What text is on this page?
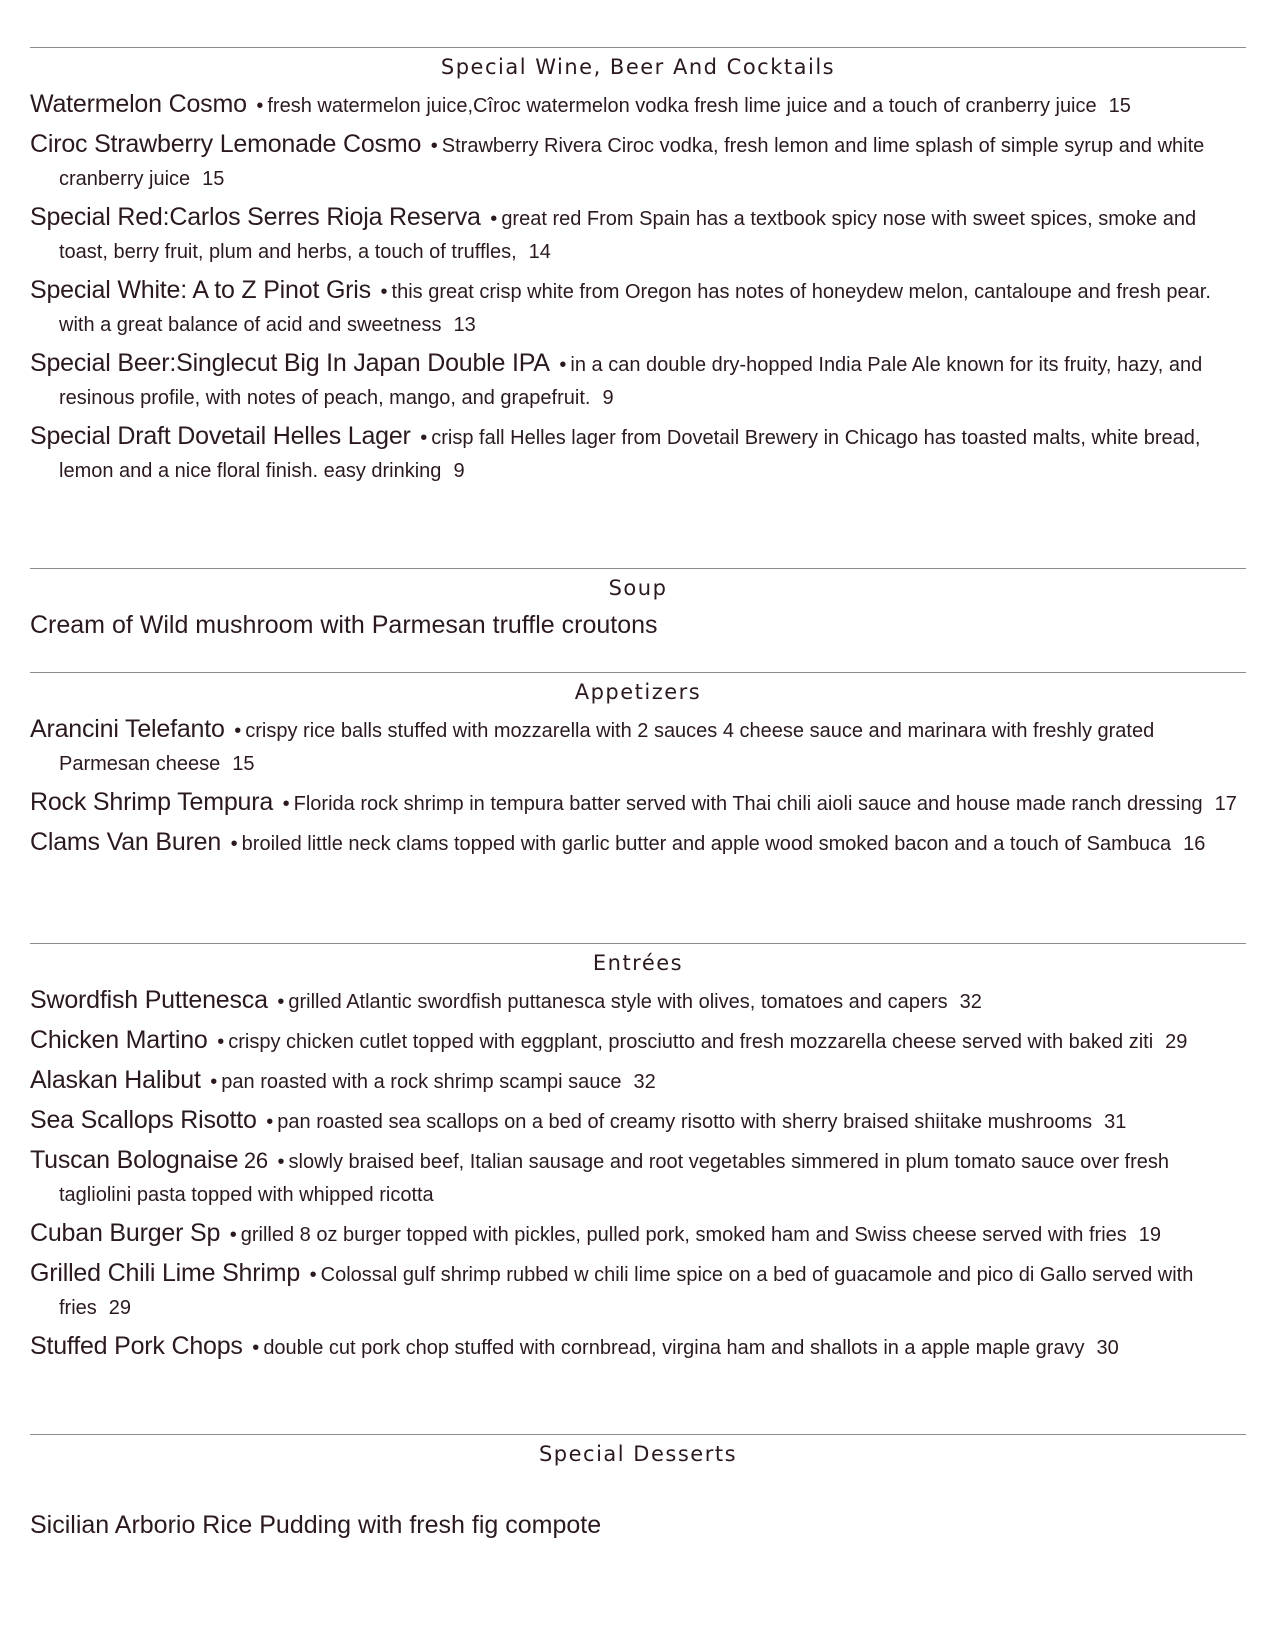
Special Wine, Beer And Cocktails
Watermelon Cosmo • fresh watermelon juice,Cîroc watermelon vodka fresh lime juice and a touch of cranberry juice 15
Ciroc Strawberry Lemonade Cosmo • Strawberry Rivera Ciroc vodka, fresh lemon and lime splash of simple syrup and white cranberry juice 15
Special Red:Carlos Serres Rioja Reserva • great red From Spain has a textbook spicy nose with sweet spices, smoke and toast, berry fruit, plum and herbs, a touch of truffles, 14
Special White: A to Z Pinot Gris • this great crisp white from Oregon has notes of honeydew melon, cantaloupe and fresh pear. with a great balance of acid and sweetness 13
Special Beer:Singlecut Big In Japan Double IPA • in a can double dry-hopped India Pale Ale known for its fruity, hazy, and resinous profile, with notes of peach, mango, and grapefruit. 9
Special Draft Dovetail Helles Lager • crisp fall Helles lager from Dovetail Brewery in Chicago has toasted malts, white bread, lemon and a nice floral finish. easy drinking 9
Soup
Cream of Wild mushroom with Parmesan truffle croutons
Appetizers
Arancini Telefanto • crispy rice balls stuffed with mozzarella with 2 sauces 4 cheese sauce and marinara with freshly grated Parmesan cheese 15
Rock Shrimp Tempura • Florida rock shrimp in tempura batter served with Thai chili aioli sauce and house made ranch dressing 17
Clams Van Buren • broiled little neck clams topped with garlic butter and apple wood smoked bacon and a touch of Sambuca 16
Entrées
Swordfish Puttenesca • grilled Atlantic swordfish puttanesca style with olives, tomatoes and capers 32
Chicken Martino • crispy chicken cutlet topped with eggplant, prosciutto and fresh mozzarella cheese served with baked ziti 29
Alaskan Halibut • pan roasted with a rock shrimp scampi sauce 32
Sea Scallops Risotto • pan roasted sea scallops on a bed of creamy risotto with sherry braised shiitake mushrooms 31
Tuscan Bolognaise 26 • slowly braised beef, Italian sausage and root vegetables simmered in plum tomato sauce over fresh tagliolini pasta topped with whipped ricotta
Cuban Burger Sp • grilled 8 oz burger topped with pickles, pulled pork, smoked ham and Swiss cheese served with fries 19
Grilled Chili Lime Shrimp • Colossal gulf shrimp rubbed w chili lime spice on a bed of guacamole and pico di Gallo served with fries 29
Stuffed Pork Chops • double cut pork chop stuffed with cornbread, virgina ham and shallots in a apple maple gravy 30
Special Desserts
Sicilian Arborio Rice Pudding with fresh fig compote
